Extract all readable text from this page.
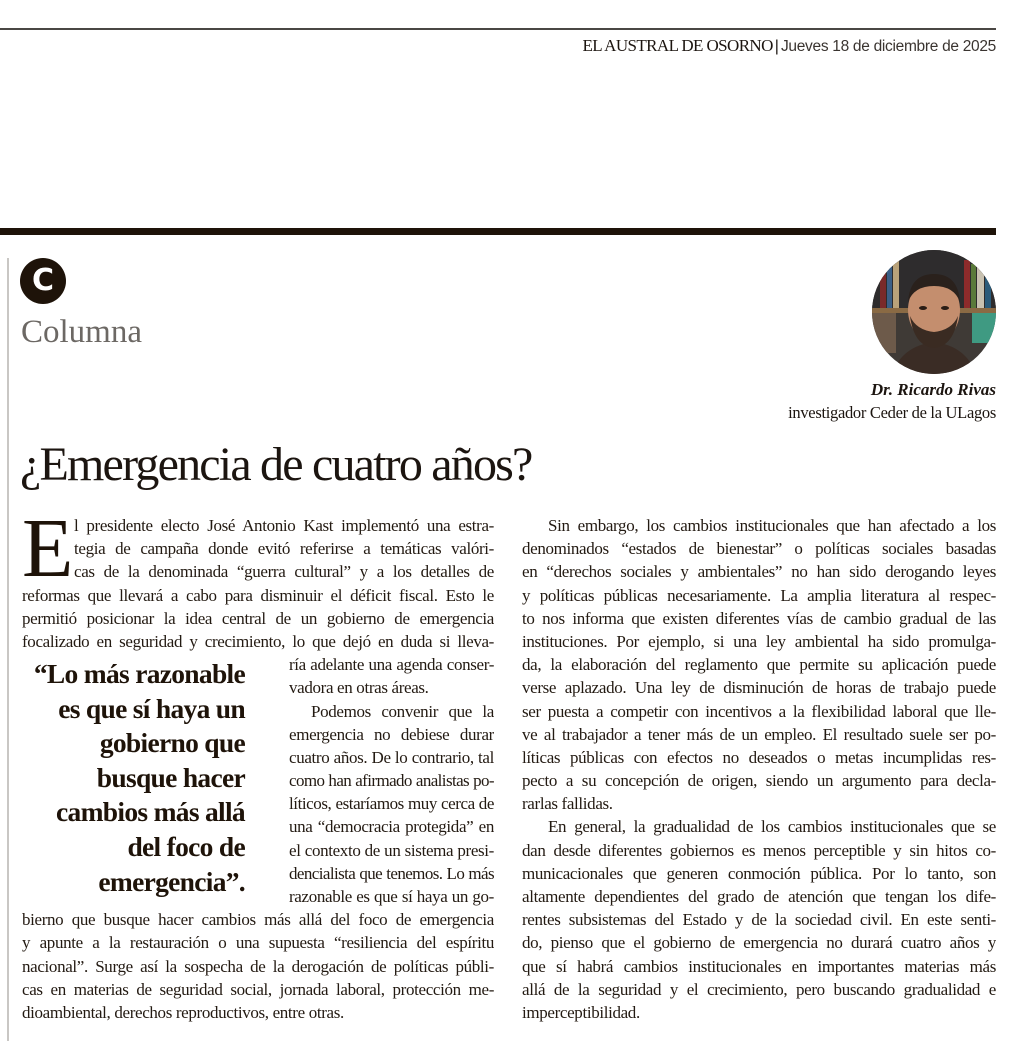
EL AUSTRAL DE OSORNO | Jueves 18 de diciembre de 2025
C
Columna
Dr. Ricardo Rivas
investigador Ceder de la ULagos
¿Emergencia de cuatro años?
E l presidente electo José Antonio Kast implementó una estra-
tegia de campaña donde evitó referirse a temáticas valóri-
cas de la denominada “guerra cultural” y a los detalles de
reformas que llevará a cabo para disminuir el déficit fiscal. Esto le
permitió posicionar la idea central de un gobierno de emergencia
focalizado en seguridad y crecimiento, lo que dejó en duda si lleva-
ría adelante una agenda conser-
vadora en otras áreas.
Podemos convenir que la
emergencia no debiese durar
cuatro años. De lo contrario, tal
como han afirmado analistas po-
líticos, estaríamos muy cerca de
una “democracia protegida” en
el contexto de un sistema presi-
dencialista que tenemos. Lo más
razonable es que sí haya un go-
bierno que busque hacer cambios más allá del foco de emergencia
y apunte a la restauración o una supuesta “resiliencia del espíritu
nacional”. Surge así la sospecha de la derogación de políticas públi-
cas en materias de seguridad social, jornada laboral, protección me-
dioambiental, derechos reproductivos, entre otras.
“Lo más razonable
es que sí haya un
gobierno que
busque hacer
cambios más allá
del foco de
emergencia”.
Sin embargo, los cambios institucionales que han afectado a los
denominados “estados de bienestar” o políticas sociales basadas
en “derechos sociales y ambientales” no han sido derogando leyes
y políticas públicas necesariamente. La amplia literatura al respec-
to nos informa que existen diferentes vías de cambio gradual de las
instituciones. Por ejemplo, si una ley ambiental ha sido promulga-
da, la elaboración del reglamento que permite su aplicación puede
verse aplazado. Una ley de disminución de horas de trabajo puede
ser puesta a competir con incentivos a la flexibilidad laboral que lle-
ve al trabajador a tener más de un empleo. El resultado suele ser po-
líticas públicas con efectos no deseados o metas incumplidas res-
pecto a su concepción de origen, siendo un argumento para decla-
rarlas fallidas.
En general, la gradualidad de los cambios institucionales que se
dan desde diferentes gobiernos es menos perceptible y sin hitos co-
municacionales que generen conmoción pública. Por lo tanto, son
altamente dependientes del grado de atención que tengan los dife-
rentes subsistemas del Estado y de la sociedad civil. En este senti-
do, pienso que el gobierno de emergencia no durará cuatro años y
que sí habrá cambios institucionales en importantes materias más
allá de la seguridad y el crecimiento, pero buscando gradualidad e
imperceptibilidad.
